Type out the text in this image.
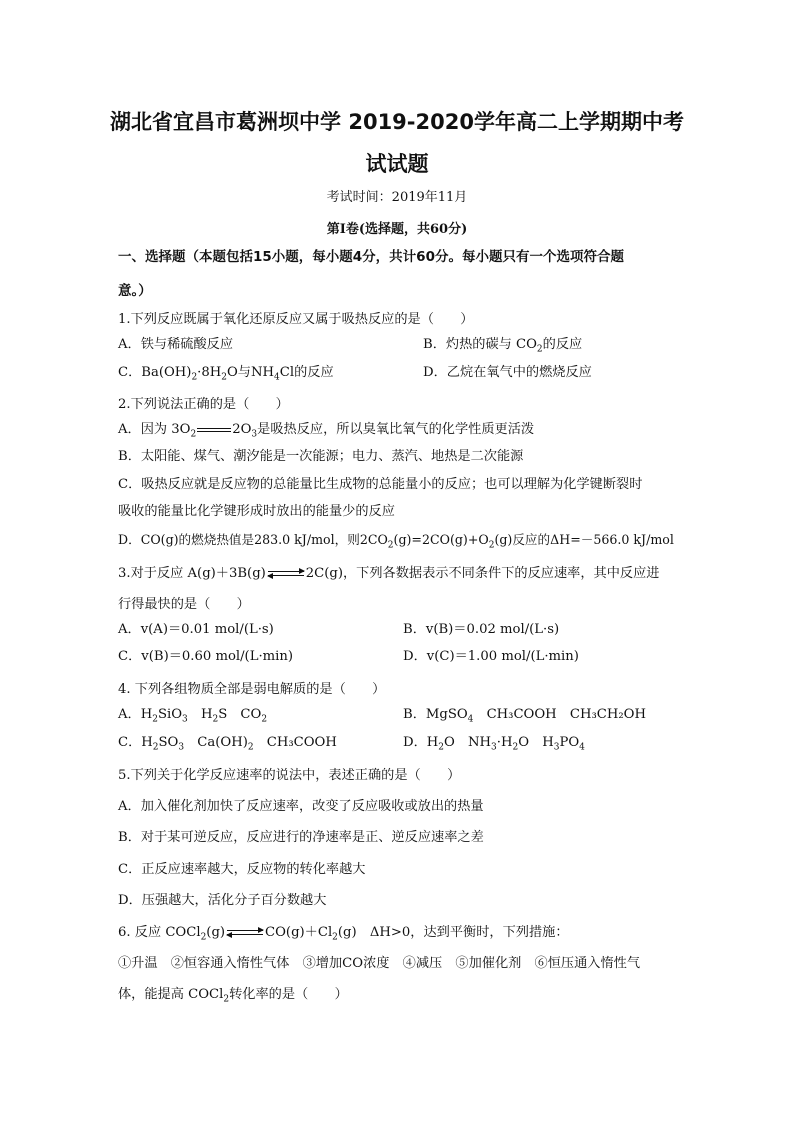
湖北省宜昌市葛洲坝中学 2019-2020学年高二上学期期中考
试试题
考试时间：2019年11月
第Ⅰ卷(选择题，共60分)
一、选择题（本题包括15小题，每小题4分，共计60分。每小题只有一个选项符合题
意。）
1.下列反应既属于氧化还原反应又属于吸热反应的是（　　）
A．铁与稀硫酸反应	B．灼热的碳与 $CO_2$的反应
C．$Ba(OH)_2\cdot 8H_2O$与$NH_4Cl$的反应	D．乙烷在氧气中的燃烧反应
2.下列说法正确的是（　　）
A．因为 $3O_2$	$2O_3$是吸热反应，所以臭氧比氧气的化学性质更活泼
B．太阳能、煤气、潮汐能是一次能源；电力、蒸汽、地热是二次能源
C．吸热反应就是反应物的总能量比生成物的总能量小的反应；也可以理解为化学键断裂时
吸收的能量比化学键形成时放出的能量少的反应
D．CO(g)的燃烧热值是283.0 kJ/mol，则$2CO_2(g)=2CO(g)+O_2(g)$反应的ΔH=－566.0 kJ/mol
3.对于反应 A(g)＋3B(g)	2C(g)，下列各数据表示不同条件下的反应速率，其中反应进
行得最快的是（　　）
A．v(A)＝0.01 mol/(L·s)	B．v(B)＝0.02 mol/(L·s)
C．v(B)＝0.60 mol/(L·min)	D．v(C)＝1.00 mol/(L·min)
4. 下列各组物质全部是弱电解质的是（　　）
A．$H_2SiO_3$　$H_2S$　$CO_2$	B．MgSO$_4$　CH₃COOH　CH₃CH₂OH
C．$H_2SO_3$　$Ca(OH)_2$　CH₃COOH	D．$H_2O$　$NH_3\cdot H_2O$　$H_3PO_4$
5.下列关于化学反应速率的说法中，表述正确的是（　　）
A．加入催化剂加快了反应速率，改变了反应吸收或放出的热量
B．对于某可逆反应，反应进行的净速率是正、逆反应速率之差
C．正反应速率越大，反应物的转化率越大
D．压强越大，活化分子百分数越大
6. 反应 COCl$_2$(g)	$CO(g)+Cl_2(g)$　ΔH>0，达到平衡时，下列措施：
①升温　②恒容通入惰性气体　③增加CO浓度　④减压　⑤加催化剂　⑥恒压通入惰性气
体，能提高 COCl$_2$转化率的是（　　）
